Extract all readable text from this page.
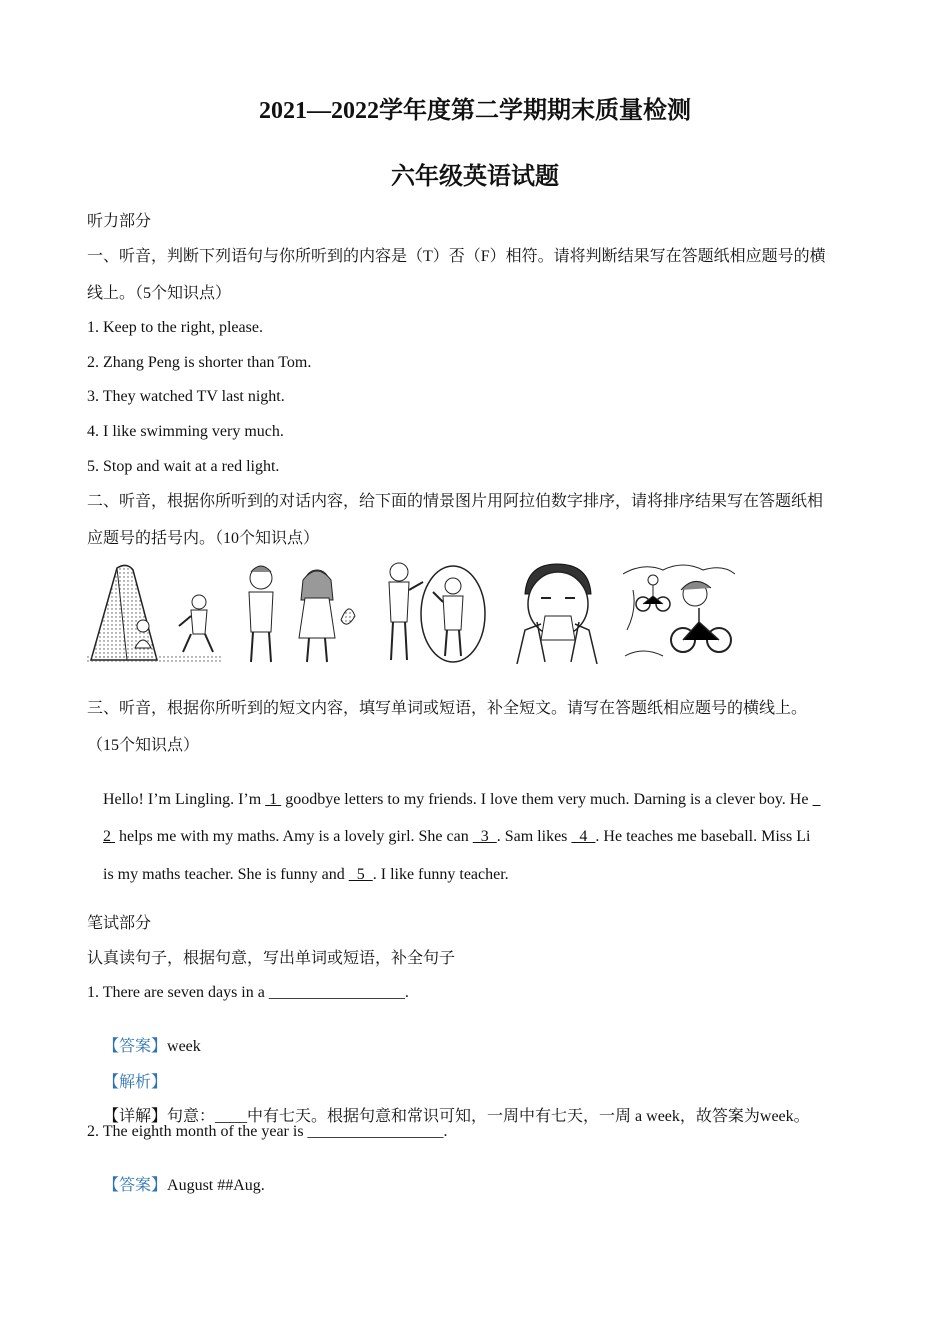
2021—2022学年度第二学期期末质量检测
六年级英语试题
听力部分
一、听音，判断下列语句与你所听到的内容是（T）否（F）相符。请将判断结果写在答题纸相应题号的横
线上。（5个知识点）
1. Keep to the right, please.
2. Zhang Peng is shorter than Tom.
3. They watched TV last night.
4. I like swimming very much.
5. Stop and wait at a red light.
二、听音，根据你所听到的对话内容，给下面的情景图片用阿拉伯数字排序，请将排序结果写在答题纸相
应题号的括号内。（10个知识点）
三、听音，根据你所听到的短文内容，填写单词或短语，补全短文。请写在答题纸相应题号的横线上。
（15个知识点）

Hello! I’m Lingling. I’m  1  goodbye letters to my friends. I love them very much. Darning is a clever boy. He

2  helps me with my maths. Amy is a lovely girl. She can   3  . Sam likes   4  . He teaches me baseball. Miss Li

is my maths teacher. She is funny and   5  . I like funny teacher.

笔试部分
认真读句子，根据句意，写出单词或短语，补全句子
1. There are seven days in a _________________.

【答案】week

【解析】

【详解】句意：____中有七天。根据句意和常识可知，一周中有七天，一周 a week，故答案为week。

2. The eighth month of the year is _________________.

【答案】August ##Aug.
